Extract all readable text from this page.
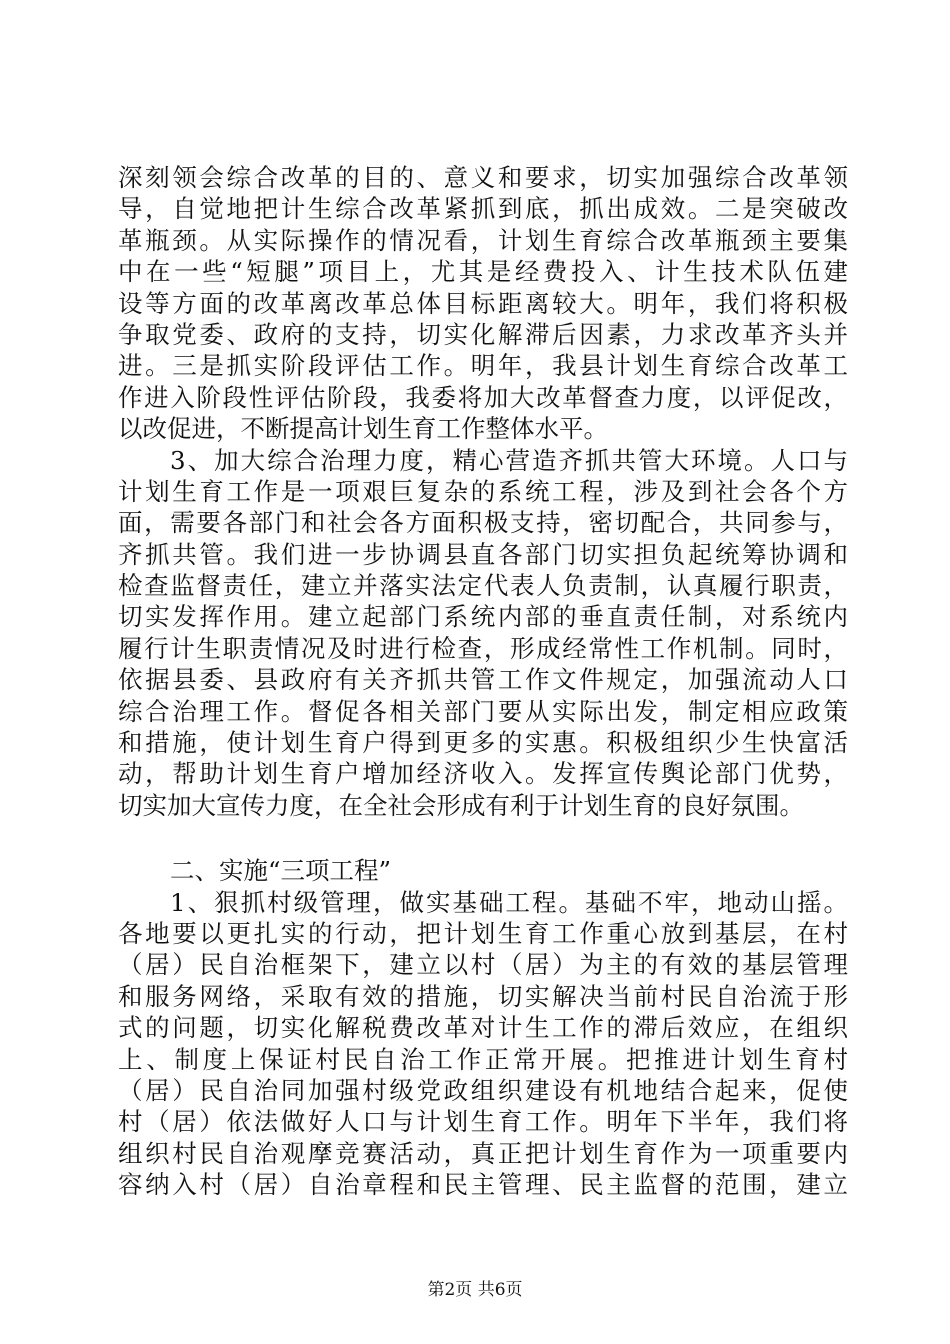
深刻领会综合改革的目的、意义和要求，切实加强综合改革领
导，自觉地把计生综合改革紧抓到底，抓出成效。二是突破改
革瓶颈。从实际操作的情况看，计划生育综合改革瓶颈主要集
中在一些“短腿”项目上，尤其是经费投入、计生技术队伍建
设等方面的改革离改革总体目标距离较大。明年，我们将积极
争取党委、政府的支持，切实化解滞后因素，力求改革齐头并
进。三是抓实阶段评估工作。明年，我县计划生育综合改革工
作进入阶段性评估阶段，我委将加大改革督查力度，以评促改，
以改促进，不断提高计划生育工作整体水平。
3、加大综合治理力度，精心营造齐抓共管大环境。人口与
计划生育工作是一项艰巨复杂的系统工程，涉及到社会各个方
面，需要各部门和社会各方面积极支持，密切配合，共同参与，
齐抓共管。我们进一步协调县直各部门切实担负起统筹协调和
检查监督责任，建立并落实法定代表人负责制，认真履行职责，
切实发挥作用。建立起部门系统内部的垂直责任制，对系统内
履行计生职责情况及时进行检查，形成经常性工作机制。同时，
依据县委、县政府有关齐抓共管工作文件规定，加强流动人口
综合治理工作。督促各相关部门要从实际出发，制定相应政策
和措施，使计划生育户得到更多的实惠。积极组织少生快富活
动，帮助计划生育户增加经济收入。发挥宣传舆论部门优势，
切实加大宣传力度，在全社会形成有利于计划生育的良好氛围。
二、实施“三项工程”
1、狠抓村级管理，做实基础工程。基础不牢，地动山摇。
各地要以更扎实的行动，把计划生育工作重心放到基层，在村
（居）民自治框架下，建立以村（居）为主的有效的基层管理
和服务网络，采取有效的措施，切实解决当前村民自治流于形
式的问题，切实化解税费改革对计生工作的滞后效应，在组织
上、制度上保证村民自治工作正常开展。把推进计划生育村
（居）民自治同加强村级党政组织建设有机地结合起来，促使
村（居）依法做好人口与计划生育工作。明年下半年，我们将
组织村民自治观摩竞赛活动，真正把计划生育作为一项重要内
容纳入村（居）自治章程和民主管理、民主监督的范围，建立
第2页 共6页
